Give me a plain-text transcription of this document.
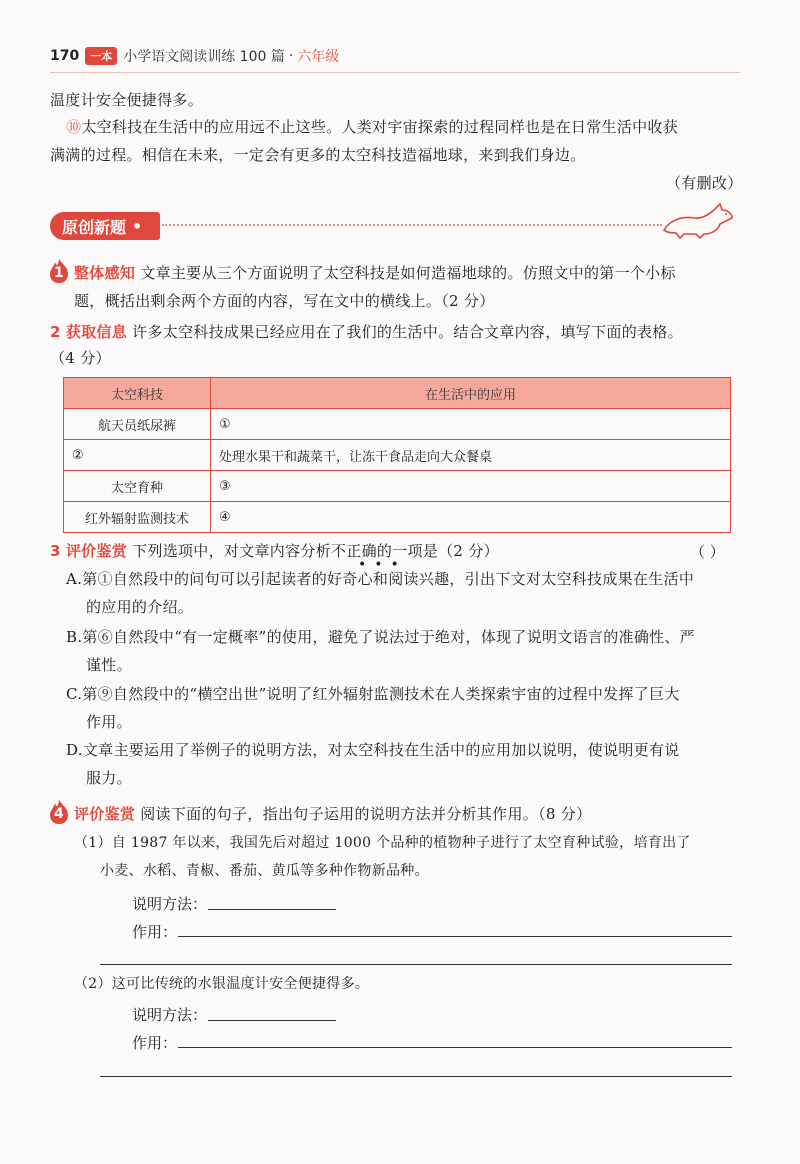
170	一本 小学语文阅读训练 100 篇 · 六年级
温度计安全便捷得多。
⑩太空科技在生活中的应用远不止这些。人类对宇宙探索的过程同样也是在日常生活中收获
满满的过程。相信在未来，一定会有更多的太空科技造福地球，来到我们身边。
（有删改）
原创新题 •
1 整体感知 文章主要从三个方面说明了太空科技是如何造福地球的。仿照文中的第一个小标
题，概括出剩余两个方面的内容，写在文中的横线上。（2 分）
2 获取信息 许多太空科技成果已经应用在了我们的生活中。结合文章内容，填写下面的表格。
（4 分）
太空科技	在生活中的应用
航天员纸尿裤	①
②	处理水果干和蔬菜干，让冻干食品走向大众餐桌
太空育种	③
红外辐射监测技术	④
3 评价鉴赏 下列选项中，对文章内容分析不正确的一项是（2 分）
•••
（ ）
A.第①自然段中的问句可以引起读者的好奇心和阅读兴趣，引出下文对太空科技成果在生活中
的应用的介绍。
B.第⑥自然段中“有一定概率”的使用，避免了说法过于绝对，体现了说明文语言的准确性、严
谨性。
C.第⑨自然段中的“横空出世”说明了红外辐射监测技术在人类探索宇宙的过程中发挥了巨大
作用。
D.文章主要运用了举例子的说明方法，对太空科技在生活中的应用加以说明，使说明更有说
服力。
4 评价鉴赏 阅读下面的句子，指出句子运用的说明方法并分析其作用。（8 分）
（1）自 1987 年以来，我国先后对超过 1000 个品种的植物种子进行了太空育种试验，培育出了
小麦、水稻、青椒、番茄、黄瓜等多种作物新品种。
说明方法：
作用：
（2）这可比传统的水银温度计安全便捷得多。
说明方法：
作用：
